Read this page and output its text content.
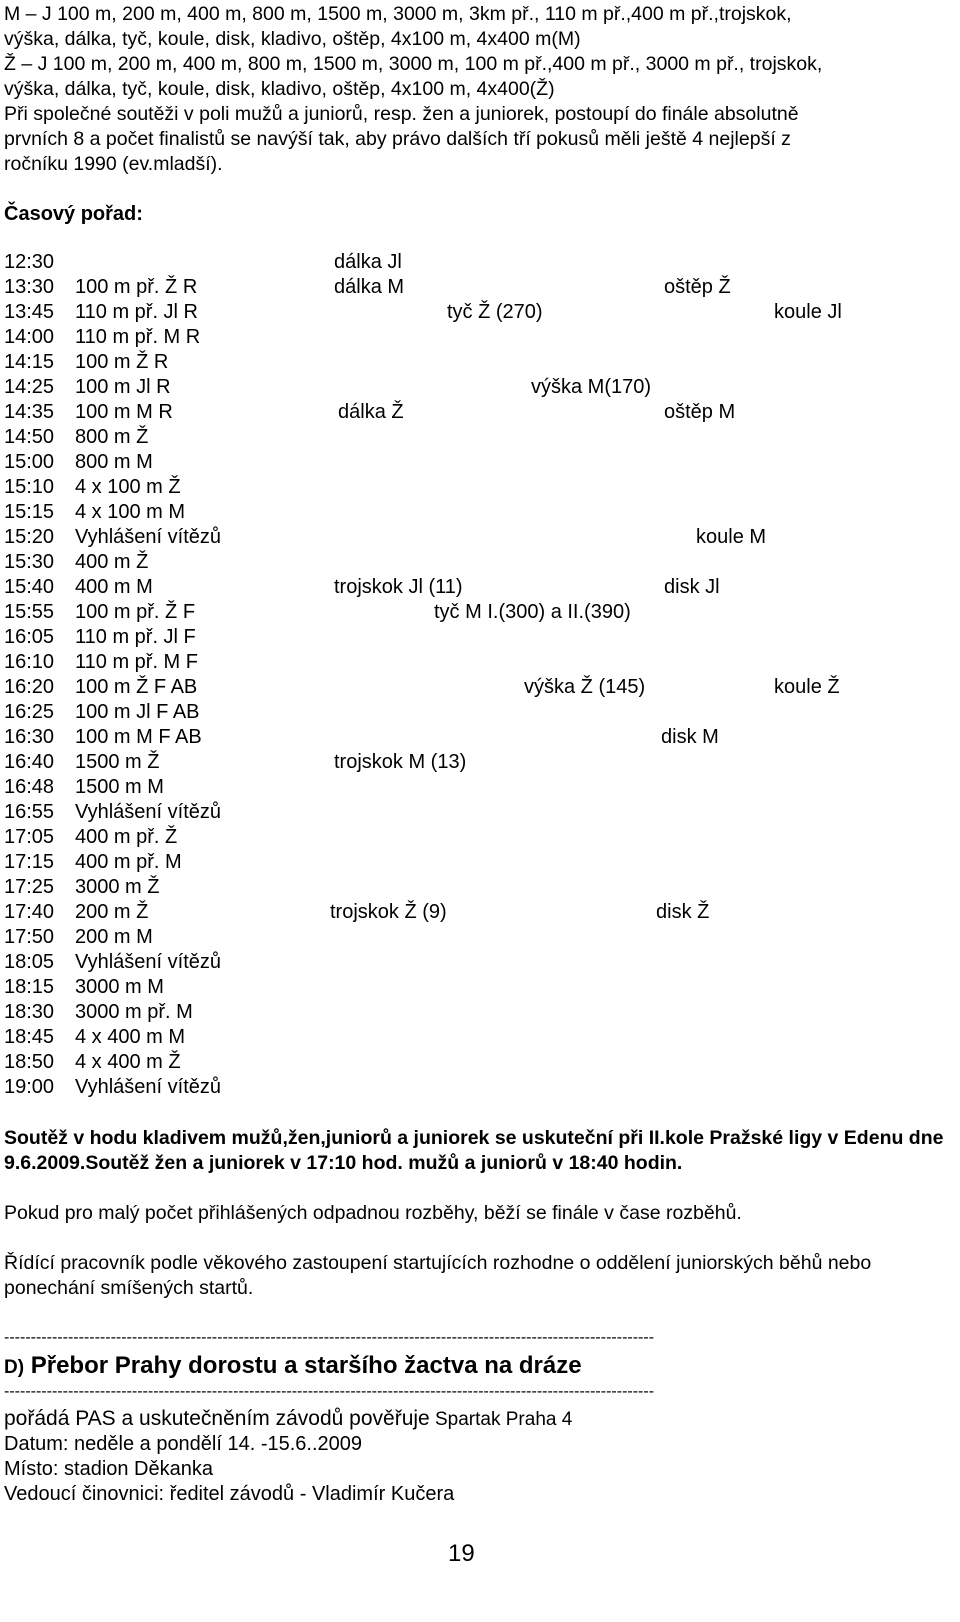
M – J 100 m, 200 m, 400 m, 800 m, 1500 m, 3000 m, 3km př., 110 m př.,400 m př.,trojskok,
výška, dálka, tyč, koule, disk, kladivo, oštěp, 4x100 m, 4x400 m(M)
Ž – J 100 m, 200 m, 400 m, 800 m, 1500 m, 3000 m, 100 m př.,400 m př., 3000 m př., trojskok,
výška, dálka, tyč, koule, disk, kladivo, oštěp, 4x100 m, 4x400(Ž)
Při společné soutěži v poli mužů a juniorů, resp. žen a juniorek, postoupí do finále absolutně
prvních 8 a počet finalistů se navýší tak, aby právo dalších tří pokusů měli ještě 4 nejlepší z
ročníku 1990 (ev.mladší).
Časový pořad:
12:30	dálka Jl
13:30 100 m př. Ž R	dálka M	oštěp Ž
13:45 110 m př. Jl R	tyč Ž (270)	koule Jl
14:00 110 m př. M R
14:15 100 m Ž R
14:25 100 m Jl R	výška M(170)
14:35 100 m M R	dálka Ž	oštěp M
14:50 800 m Ž
15:00 800 m M
15:10 4 x 100 m Ž
15:15 4 x 100 m M
15:20 Vyhlášení vítězů	koule M
15:30 400 m Ž
15:40 400 m M	trojskok Jl (11)	disk Jl
15:55 100 m př. Ž F	tyč M I.(300) a II.(390)
16:05 110 m př. Jl F
16:10 110 m př. M F
16:20 100 m Ž F AB	výška Ž (145)	koule Ž
16:25 100 m Jl F AB
16:30 100 m M F AB	disk M
16:40 1500 m Ž	trojskok M (13)
16:48 1500 m M
16:55 Vyhlášení vítězů
17:05 400 m př. Ž
17:15 400 m př. M
17:25 3000 m Ž
17:40 200 m Ž	trojskok Ž (9)	disk Ž
17:50 200 m M
18:05 Vyhlášení vítězů
18:15 3000 m M
18:30 3000 m př. M
18:45 4 x 400 m M
18:50 4 x 400 m Ž
19:00 Vyhlášení vítězů
Soutěž v hodu kladivem mužů,žen,juniorů a juniorek se uskuteční při II.kole Pražské ligy v Edenu dne 9.6.2009.Soutěž žen a juniorek v 17:10 hod. mužů a juniorů v 18:40 hodin.
Pokud pro malý počet přihlášených odpadnou rozběhy, běží se finále v čase rozběhů.
Řídící pracovník podle věkového zastoupení startujících rozhodne o oddělení juniorských běhů nebo ponechání smíšených startů.
--------------------------------------------------------------------------------------------------------------------------
D) Přebor Prahy dorostu a staršího žactva na dráze
--------------------------------------------------------------------------------------------------------------------------
pořádá PAS a uskutečněním závodů pověřuje Spartak Praha 4
Datum: neděle a pondělí 14. -15.6..2009
Místo: stadion Děkanka
Vedoucí činovnici: ředitel závodů - Vladimír Kučera
19
